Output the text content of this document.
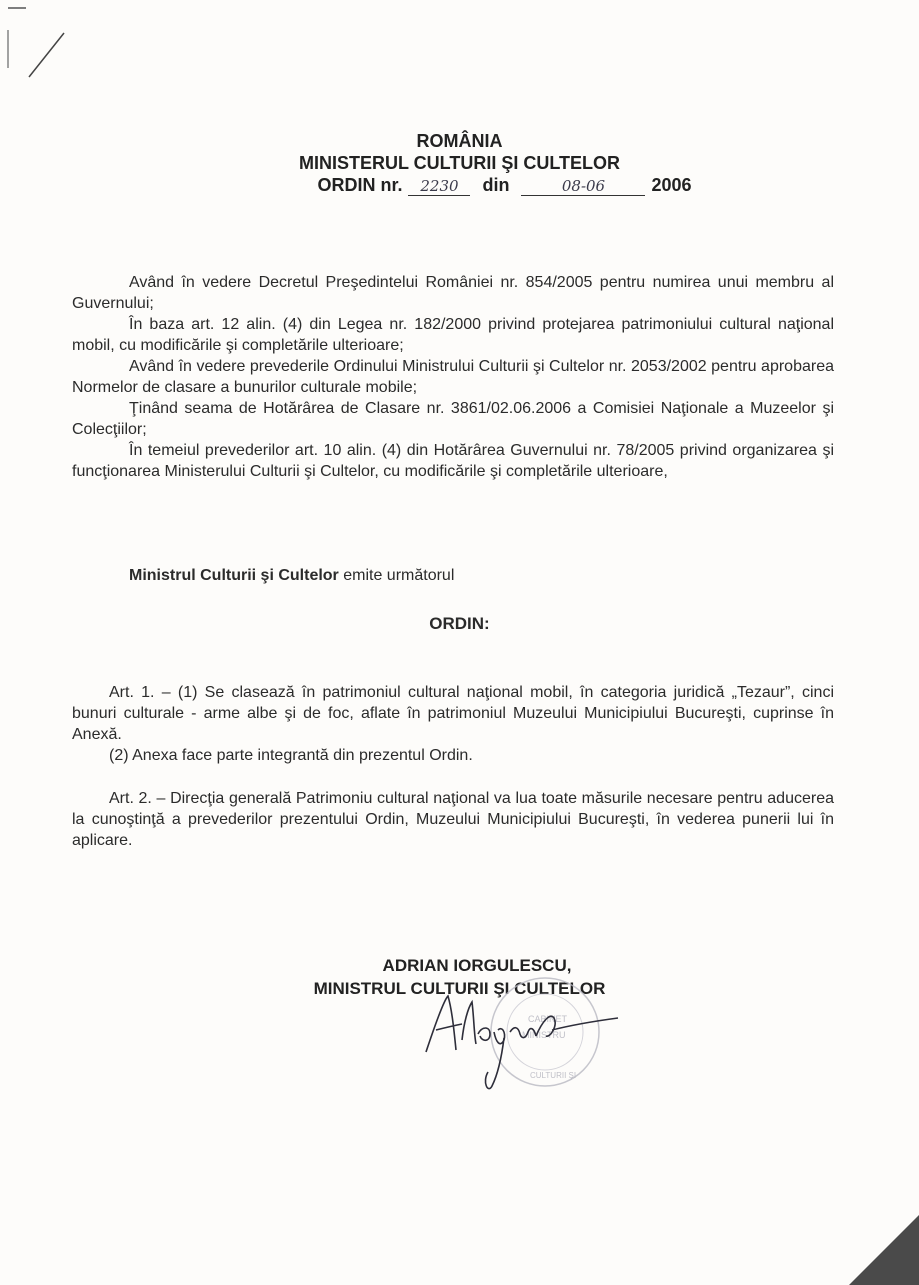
ROMÂNIA
MINISTERUL CULTURII ŞI CULTELOR
ORDIN nr. 2230 din	08-06	2006

Având în vedere Decretul Preşedintelui României nr. 854/2005 pentru numirea unui membru al Guvernului;

În baza art. 12 alin. (4) din Legea nr. 182/2000 privind protejarea patrimoniului cultural naţional mobil, cu modificările şi completările ulterioare;

Având în vedere prevederile Ordinului Ministrului Culturii şi Cultelor nr. 2053/2002 pentru aprobarea Normelor de clasare a bunurilor culturale mobile;

Ţinând seama de Hotărârea de Clasare nr. 3861/02.06.2006 a Comisiei Naţionale a Muzeelor şi Colecţiilor;

În temeiul prevederilor art. 10 alin. (4) din Hotărârea Guvernului nr. 78/2005 privind organizarea şi funcţionarea Ministerului Culturii şi Cultelor, cu modificările şi completările ulterioare,

Ministrul Culturii şi Cultelor emite următorul
ORDIN:
Art. 1. – (1) Se clasează în patrimoniul cultural naţional mobil, în categoria juridică „Tezaur”, cinci bunuri culturale - arme albe şi de foc, aflate în patrimoniul Muzeului Municipiului Bucureşti, cuprinse în Anexă.
(2) Anexa face parte integrantă din prezentul Ordin.
Art. 2. – Direcţia generală Patrimoniu cultural naţional va lua toate măsurile necesare pentru aducerea la cunoştinţă a prevederilor prezentului Ordin, Muzeului Municipiului Bucureşti, în vederea punerii lui în aplicare.
ADRIAN IORGULESCU,
MINISTRUL CULTURII ŞI CULTELOR
CABINET
MINISTRU
CULTURII ŞI
